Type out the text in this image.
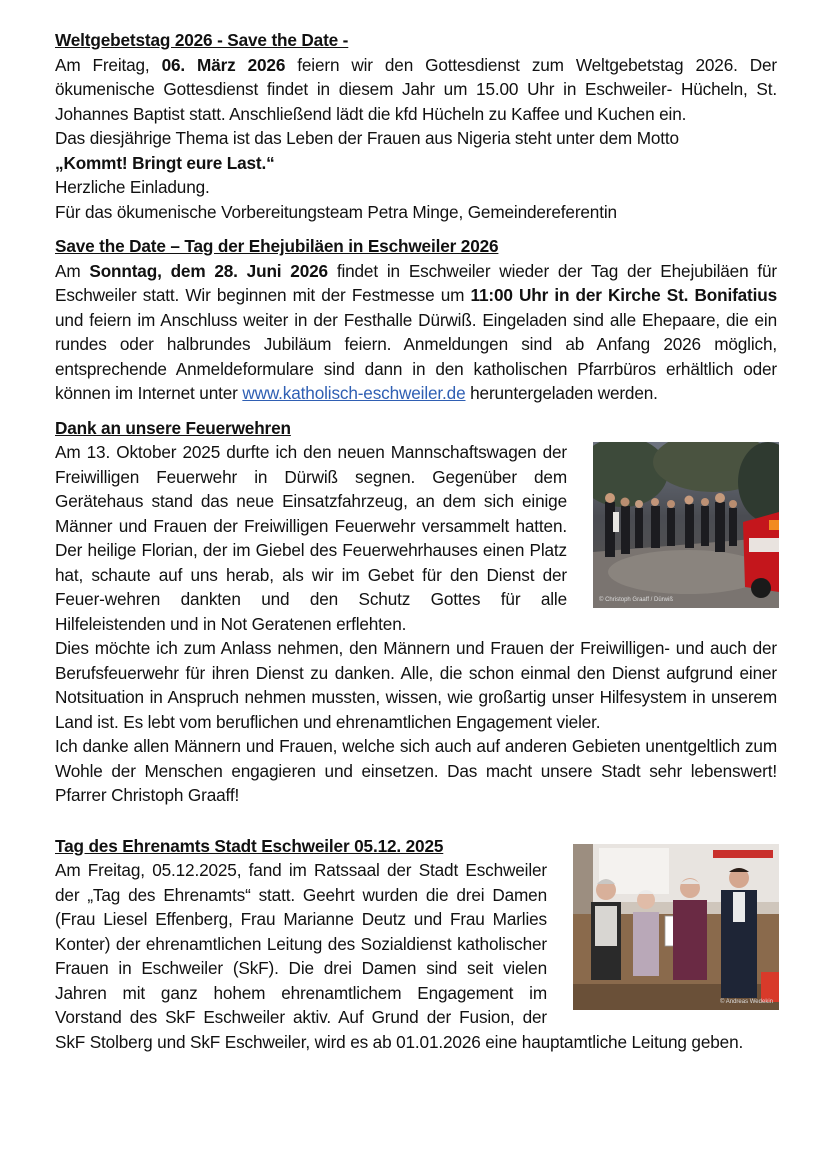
Weltgebetstag 2026 - Save the Date -

Am Freitag, 06. März 2026 feiern wir den Gottesdienst zum Weltgebetstag 2026. Der ökumenische Gottesdienst findet in diesem Jahr um 15.00 Uhr in Eschweiler- Hücheln, St. Johannes Baptist statt. Anschließend lädt die kfd Hücheln zu Kaffee und Kuchen ein.

Das diesjährige Thema ist das Leben der Frauen aus Nigeria steht unter dem Motto

„Kommt! Bringt eure Last.“

Herzliche Einladung.

Für das ökumenische Vorbereitungsteam Petra Minge, Gemeindereferentin

Save the Date – Tag der Ehejubiläen in Eschweiler 2026

Am Sonntag, dem 28. Juni 2026 findet in Eschweiler wieder der Tag der Ehejubiläen für Eschweiler statt. Wir beginnen mit der Festmesse um 11:00 Uhr in der Kirche St. Bonifatius und feiern im Anschluss weiter in der Festhalle Dürwiß. Eingeladen sind alle Ehepaare, die ein rundes oder halbrundes Jubiläum feiern. Anmeldungen sind ab Anfang 2026 möglich, entsprechende Anmeldeformulare sind dann in den katholischen Pfarrbüros erhältlich oder können im Internet unter www.katholisch-eschweiler.de heruntergeladen werden.

Dank an unsere Feuerwehren

© Christoph Graaff / Dürwiß

Am 13. Oktober 2025 durfte ich den neuen Mannschaftswagen der Freiwilligen Feuerwehr in Dürwiß segnen. Gegenüber dem Gerätehaus stand das neue Einsatzfahrzeug, an dem sich einige Männer und Frauen der Freiwilligen Feuerwehr versammelt hatten. Der heilige Florian, der im Giebel des Feuerwehrhauses einen Platz hat, schaute auf uns herab, als wir im Gebet für den Dienst der Feuer-wehren dankten und den Schutz Gottes für alle Hilfeleistenden und in Not Geratenen erflehten.

Dies möchte ich zum Anlass nehmen, den Männern und Frauen der Freiwilligen- und auch der Berufsfeuerwehr für ihren Dienst zu danken. Alle, die schon einmal den Dienst aufgrund einer Notsituation in Anspruch nehmen mussten, wissen, wie großartig unser Hilfesystem in unserem Land ist. Es lebt vom beruflichen und ehrenamtlichen Engagement vieler.

Ich danke allen Männern und Frauen, welche sich auch auf anderen Gebieten unentgeltlich zum Wohle der Menschen engagieren und einsetzen. Das macht unsere Stadt sehr lebenswert! Pfarrer Christoph Graaff!

Tag des Ehrenamts Stadt Eschweiler 05.12. 2025

© Andreas Wedekin

Am Freitag, 05.12.2025, fand im Ratssaal der Stadt Eschweiler der „Tag des Ehrenamts“ statt. Geehrt wurden die drei Damen (Frau Liesel Effenberg, Frau Marianne Deutz und Frau Marlies Konter) der ehrenamtlichen Leitung des Sozialdienst katholischer Frauen in Eschweiler (SkF). Die drei Damen sind seit vielen Jahren mit ganz hohem ehrenamtlichem Engagement im Vorstand des SkF Eschweiler aktiv. Auf Grund der Fusion, der SkF Stolberg und SkF Eschweiler, wird es ab 01.01.2026 eine hauptamtliche Leitung geben.
